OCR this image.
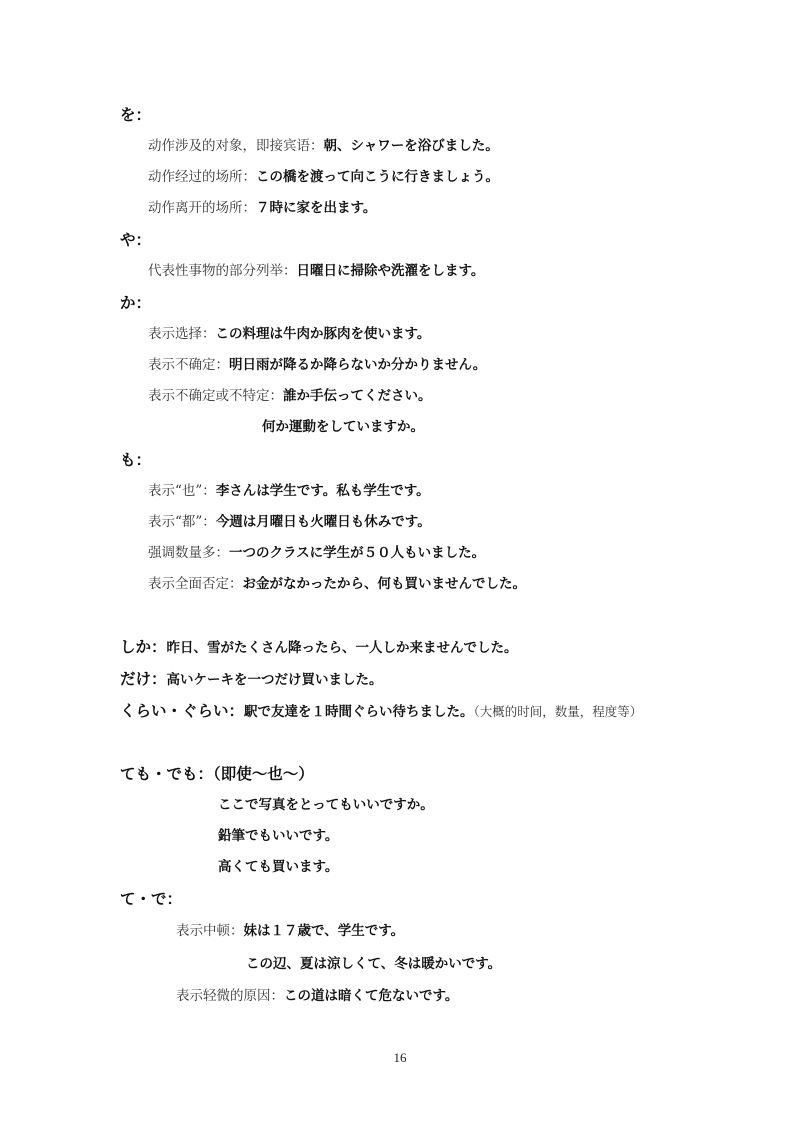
を：
动作涉及的对象，即接宾语：朝、シャワーを浴びました。
动作经过的场所：この橋を渡って向こうに行きましょう。
动作离开的场所：７時に家を出ます。
や：
代表性事物的部分列举：日曜日に掃除や洗濯をします。
か：
表示选择：この料理は牛肉か豚肉を使います。
表示不确定：明日雨が降るか降らないか分かりません。
表示不确定或不特定：誰か手伝ってください。
何か運動をしていますか。
も：
表示“也”：李さんは学生です。私も学生です。
表示“都”：今週は月曜日も火曜日も休みです。
强调数量多：一つのクラスに学生が５０人もいました。
表示全面否定：お金がなかったから、何も買いませんでした。
しか：昨日、雪がたくさん降ったら、一人しか来ませんでした。
だけ：高いケーキを一つだけ買いました。
くらい・ぐらい：駅で友達を１時間ぐらい待ちました。（大概的时间，数量，程度等）
ても・でも：（即使～也～）
ここで写真をとってもいいですか。
鉛筆でもいいです。
高くても買います。
て・で：
表示中顿：妹は１７歳で、学生です。
この辺、夏は涼しくて、冬は暖かいです。
表示轻微的原因：この道は暗くて危ないです。
16
